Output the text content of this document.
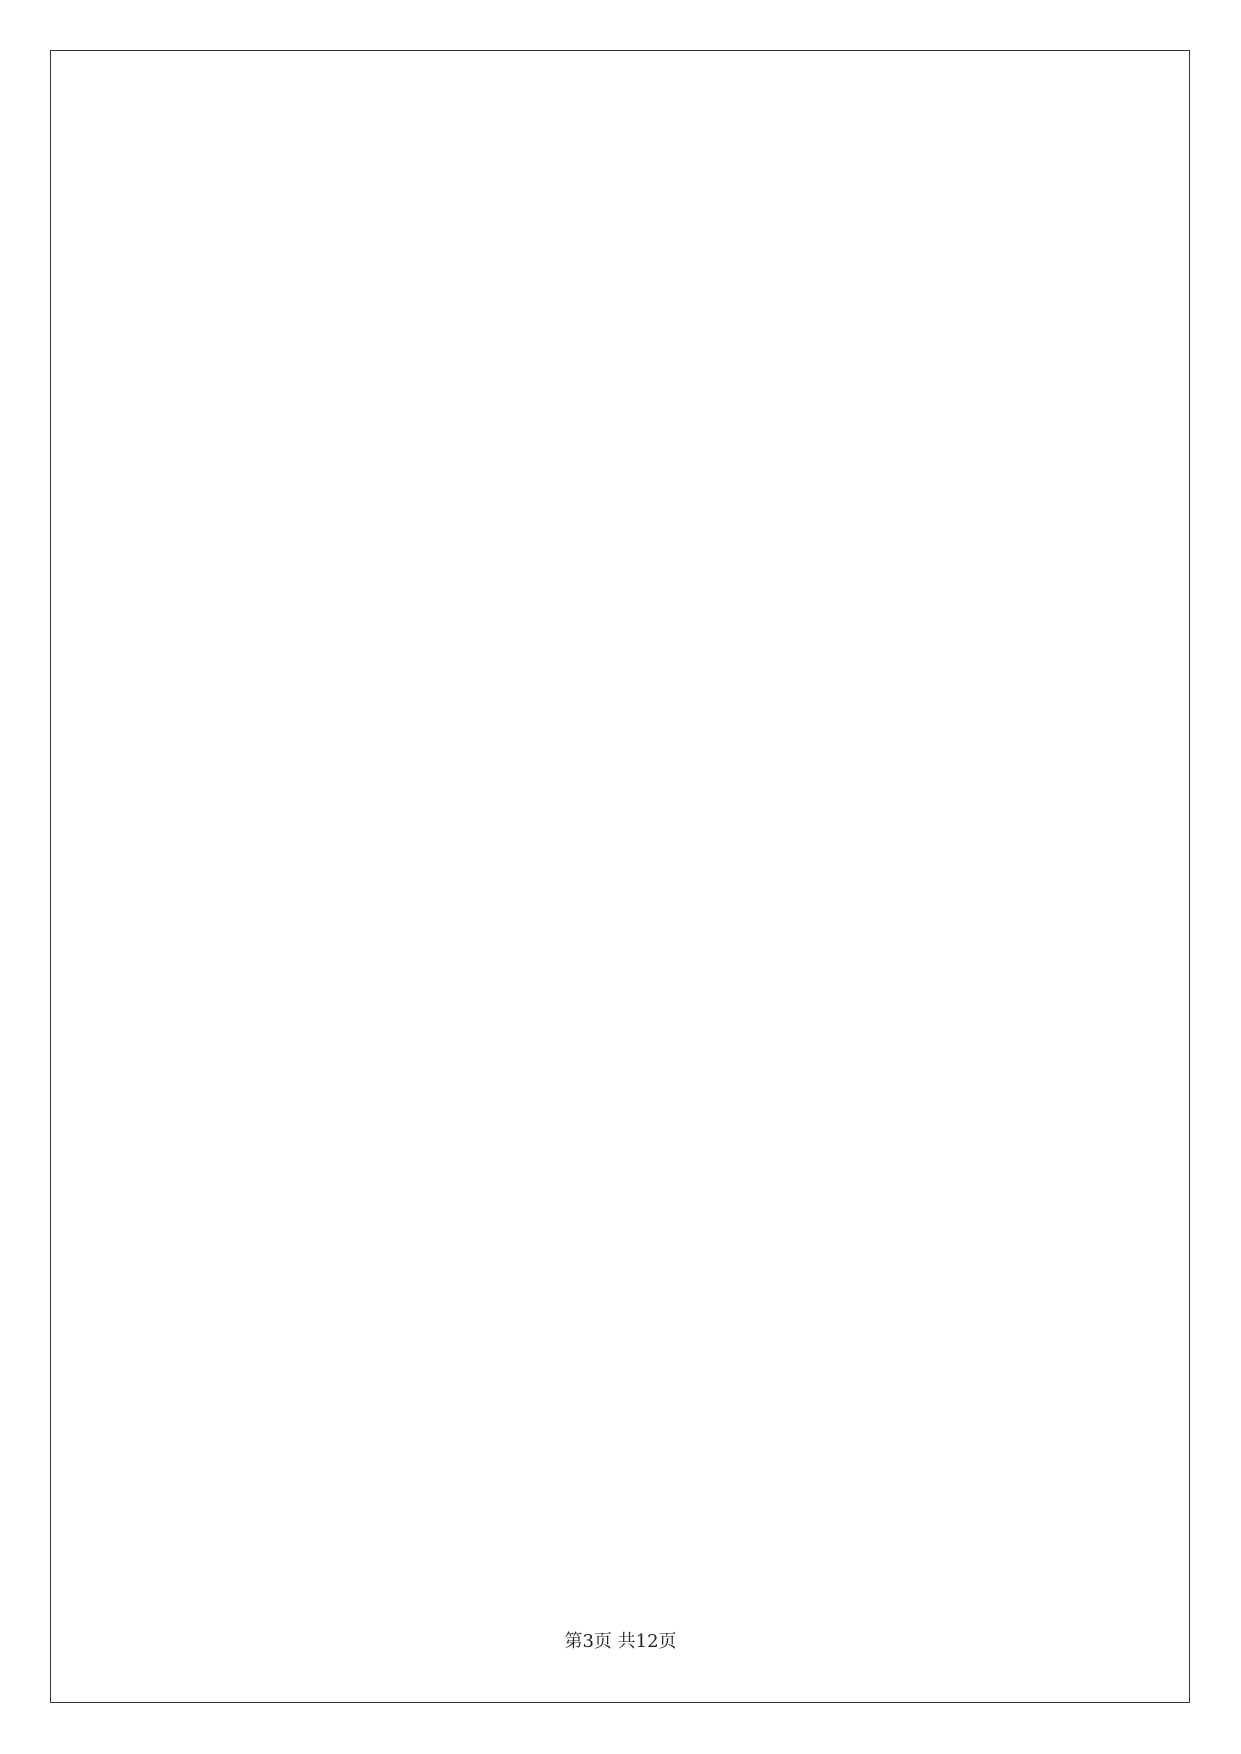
第3页 共12页
